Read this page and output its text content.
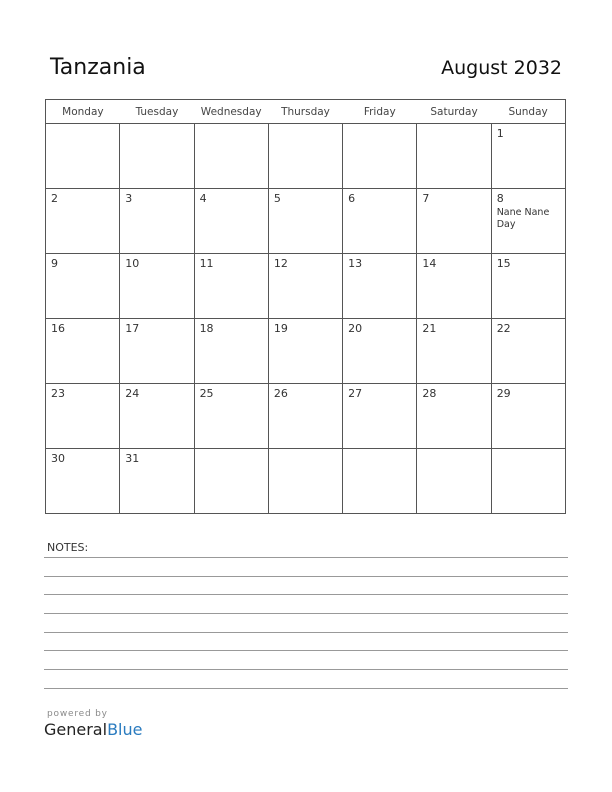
Tanzania	August 2032
Monday	Tuesday	Wednesday	Thursday	Friday	Saturday	Sunday

						1

2	3	4	5	6	7	8
Nane Nane Day

9	10	11	12	13	14	15

16	17	18	19	20	21	22

23	24	25	26	27	28	29

30	31					

NOTES:
powered by
GeneralBlue
